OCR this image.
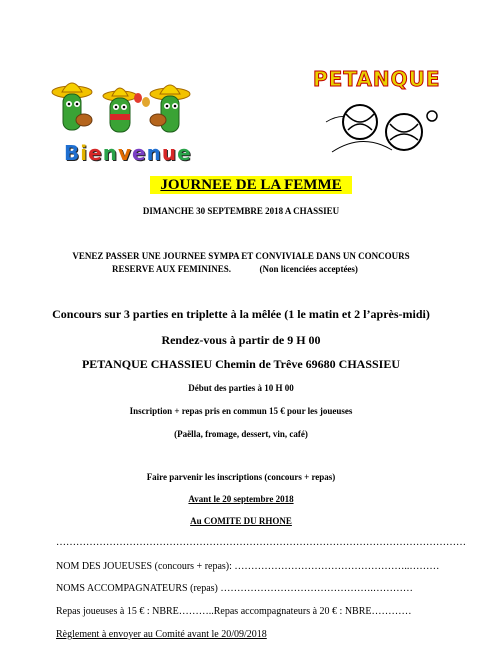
Bienvenue
PETANQUE
JOURNEE DE LA FEMME
DIMANCHE 30 SEPTEMBRE 2018 A CHASSIEU
VENEZ PASSER UNE JOURNEE SYMPA ET CONVIVIALE DANS UN CONCOURS
RESERVE AUX FEMININES.	(Non licenciées acceptées)
Concours sur 3 parties en triplette à la mêlée (1 le matin et 2 l’après-midi)
Rendez-vous à partir de 9 H 00
PETANQUE CHASSIEU Chemin de Trêve 69680 CHASSIEU
Début des parties à 10 H 00
Inscription + repas pris en commun 15 € pour les joueuses
(Paëlla, fromage, dessert, vin, café)
Faire parvenir les inscriptions (concours + repas)
Avant le 20 septembre 2018
Au COMITE DU RHONE
……………………………………………………………………………………………………………
NOM DES JOUEUSES (concours + repas): ……………………………………………..………
NOMS ACCOMPAGNATEURS (repas) ……………………………………….…………
Repas joueuses à 15 € : NBRE………..Repas accompagnateurs à 20 € : NBRE…………
Règlement à envoyer au Comité avant le 20/09/2018
